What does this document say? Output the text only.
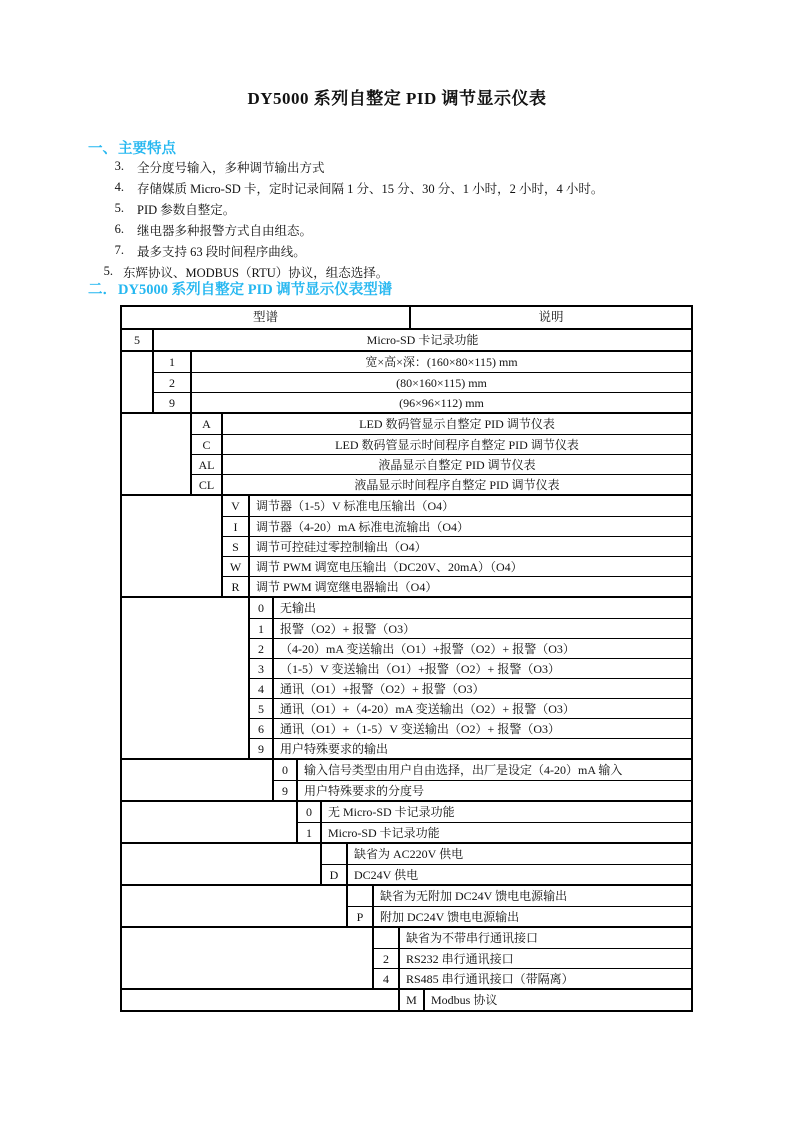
DY5000 系列自整定 PID 调节显示仪表
一、主要特点
3. 全分度号输入，多种调节输出方式
4. 存储媒质 Micro-SD 卡，定时记录间隔 1 分、15 分、30 分、1 小时，2 小时，4 小时。
5. PID 参数自整定。
6. 继电器多种报警方式自由组态。
7. 最多支持 63 段时间程序曲线。
5. 东辉协议、MODBUS（RTU）协议，组态选择。
二．DY5000 系列自整定 PID 调节显示仪表型谱
型谱	说明
5	Micro-SD 卡记录功能
1	宽×高×深：(160×80×115) mm
2	(80×160×115) mm
9	(96×96×112) mm
A	LED 数码管显示自整定 PID 调节仪表
C	LED 数码管显示时间程序自整定 PID 调节仪表
AL	液晶显示自整定 PID 调节仪表
CL	液晶显示时间程序自整定 PID 调节仪表
V	调节器（1-5）V 标准电压输出（O4）
I	调节器（4-20）mA 标准电流输出（O4）
S	调节可控硅过零控制输出（O4）
W	调节 PWM 调宽电压输出（DC20V、20mA）（O4）
R	调节 PWM 调宽继电器输出（O4）
0	无输出
1	报警（O2）+ 报警（O3）
2	（4-20）mA 变送输出（O1）+报警（O2）+ 报警（O3）
3	（1-5）V 变送输出（O1）+报警（O2）+ 报警（O3）
4	通讯（O1）+报警（O2）+ 报警（O3）
5	通讯（O1）+（4-20）mA 变送输出（O2）+ 报警（O3）
6	通讯（O1）+（1-5）V 变送输出（O2）+ 报警（O3）
9	用户特殊要求的输出
0	输入信号类型由用户自由选择，出厂是设定（4-20）mA 输入
9	用户特殊要求的分度号
0	无 Micro-SD 卡记录功能
1	Micro-SD 卡记录功能
缺省为 AC220V 供电
D	DC24V 供电
缺省为无附加 DC24V 馈电电源输出
P	附加 DC24V 馈电电源输出
缺省为不带串行通讯接口
2	RS232 串行通讯接口
4	RS485 串行通讯接口（带隔离）
M	Modbus 协议
